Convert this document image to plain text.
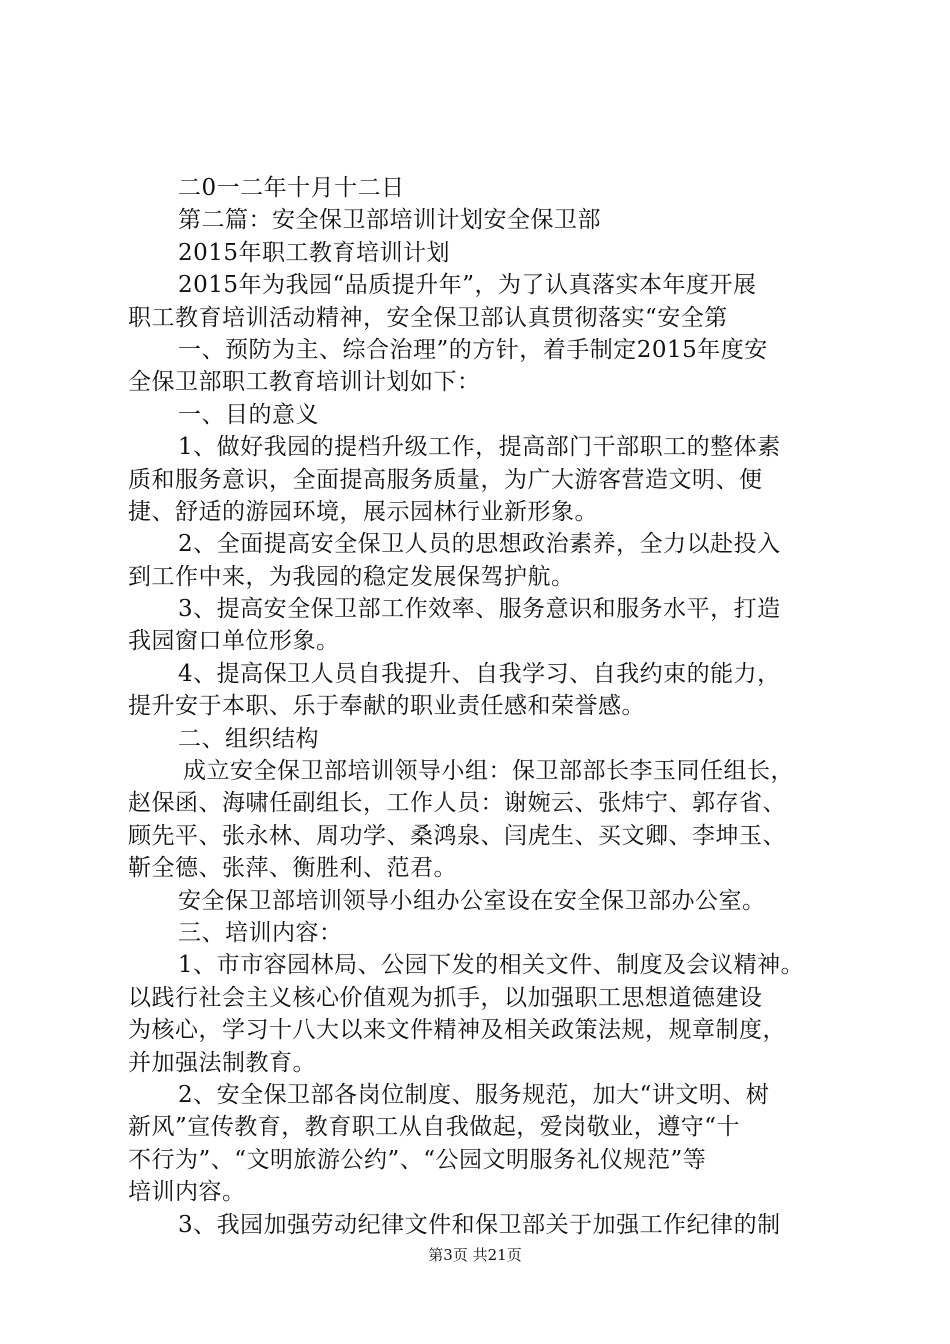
二0一二年十月十二日
第二篇：安全保卫部培训计划安全保卫部
2015年职工教育培训计划
2015年为我园“品质提升年”，为了认真落实本年度开展
职工教育培训活动精神，安全保卫部认真贯彻落实“安全第
一、预防为主、综合治理”的方针，着手制定2015年度安
全保卫部职工教育培训计划如下：
一、目的意义
1、做好我园的提档升级工作，提高部门干部职工的整体素
质和服务意识，全面提高服务质量，为广大游客营造文明、便
捷、舒适的游园环境，展示园林行业新形象。
2、全面提高安全保卫人员的思想政治素养，全力以赴投入
到工作中来，为我园的稳定发展保驾护航。
3、提高安全保卫部工作效率、服务意识和服务水平，打造
我园窗口单位形象。
4、提高保卫人员自我提升、自我学习、自我约束的能力，
提升安于本职、乐于奉献的职业责任感和荣誉感。
二、组织结构
成立安全保卫部培训领导小组：保卫部部长李玉同任组长，
赵保函、海啸任副组长，工作人员：谢婉云、张炜宁、郭存省、
顾先平、张永林、周功学、桑鸿泉、闫虎生、买文卿、李坤玉、
靳全德、张萍、衡胜利、范君。
安全保卫部培训领导小组办公室设在安全保卫部办公室。
三、培训内容：
1、市市容园林局、公园下发的相关文件、制度及会议精神。
以践行社会主义核心价值观为抓手，以加强职工思想道德建设
为核心，学习十八大以来文件精神及相关政策法规，规章制度，
并加强法制教育。
2、安全保卫部各岗位制度、服务规范，加大“讲文明、树
新风”宣传教育，教育职工从自我做起，爱岗敬业，遵守“十
不行为”、“文明旅游公约”、“公园文明服务礼仪规范”等
培训内容。
3、我园加强劳动纪律文件和保卫部关于加强工作纪律的制
第3页 共21页
